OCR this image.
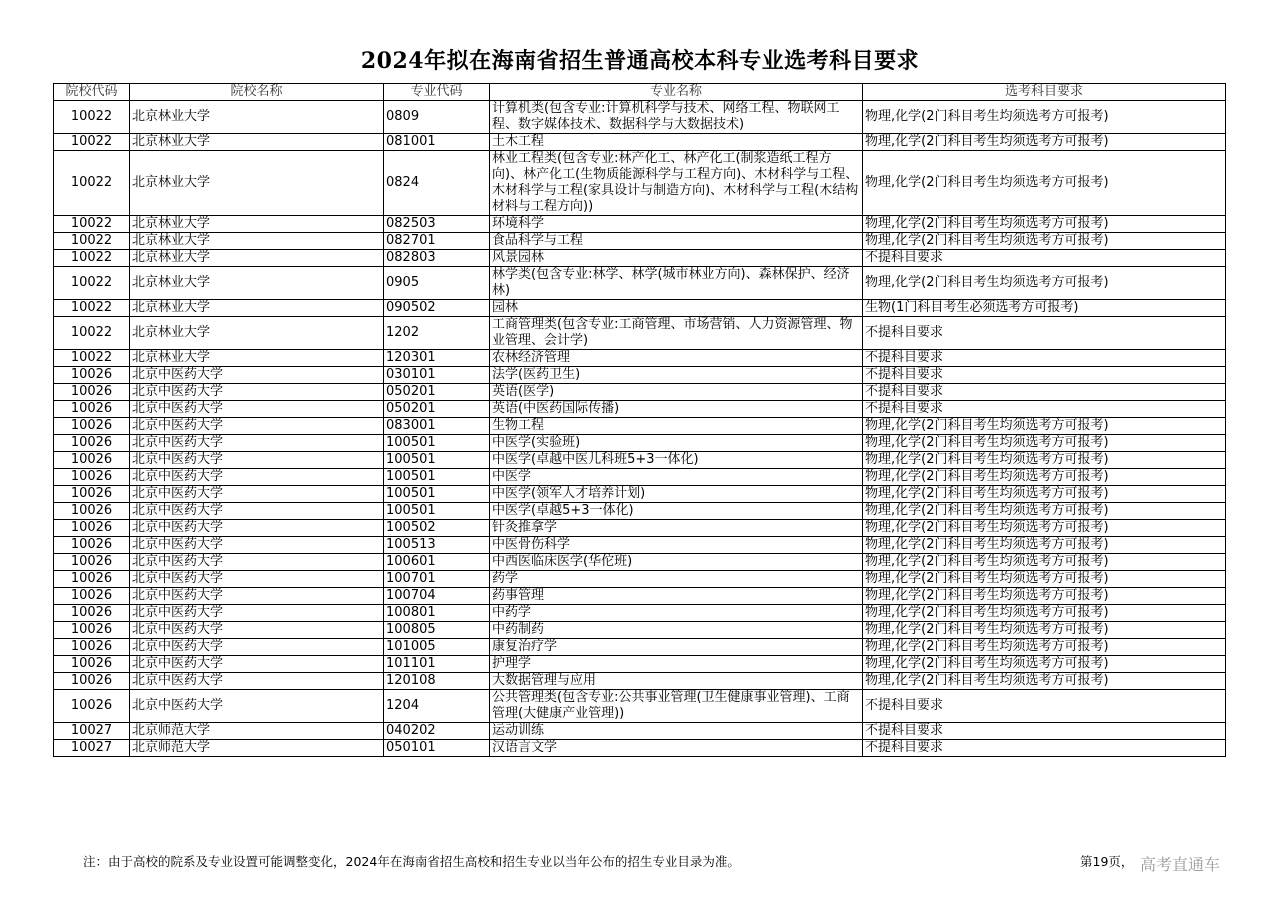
2024年拟在海南省招生普通高校本科专业选考科目要求
院校代码	院校名称	专业代码	专业名称	选考科目要求
10022	北京林业大学	0809	计算机类(包含专业:计算机科学与技术、网络工程、物联网工程、数字媒体技术、数据科学与大数据技术)	物理,化学(2门科目考生均须选考方可报考)
10022	北京林业大学	081001	土木工程	物理,化学(2门科目考生均须选考方可报考)
10022	北京林业大学	0824	林业工程类(包含专业:林产化工、林产化工(制浆造纸工程方向)、林产化工(生物质能源科学与工程方向)、木材科学与工程、木材科学与工程(家具设计与制造方向)、木材科学与工程(木结构材料与工程方向))	物理,化学(2门科目考生均须选考方可报考)
10022	北京林业大学	082503	环境科学	物理,化学(2门科目考生均须选考方可报考)
10022	北京林业大学	082701	食品科学与工程	物理,化学(2门科目考生均须选考方可报考)
10022	北京林业大学	082803	风景园林	不提科目要求
10022	北京林业大学	0905	林学类(包含专业:林学、林学(城市林业方向)、森林保护、经济林)	物理,化学(2门科目考生均须选考方可报考)
10022	北京林业大学	090502	园林	生物(1门科目考生必须选考方可报考)
10022	北京林业大学	1202	工商管理类(包含专业:工商管理、市场营销、人力资源管理、物业管理、会计学)	不提科目要求
10022	北京林业大学	120301	农林经济管理	不提科目要求
10026	北京中医药大学	030101	法学(医药卫生)	不提科目要求
10026	北京中医药大学	050201	英语(医学)	不提科目要求
10026	北京中医药大学	050201	英语(中医药国际传播)	不提科目要求
10026	北京中医药大学	083001	生物工程	物理,化学(2门科目考生均须选考方可报考)
10026	北京中医药大学	100501	中医学(实验班)	物理,化学(2门科目考生均须选考方可报考)
10026	北京中医药大学	100501	中医学(卓越中医儿科班5+3一体化)	物理,化学(2门科目考生均须选考方可报考)
10026	北京中医药大学	100501	中医学	物理,化学(2门科目考生均须选考方可报考)
10026	北京中医药大学	100501	中医学(领军人才培养计划)	物理,化学(2门科目考生均须选考方可报考)
10026	北京中医药大学	100501	中医学(卓越5+3一体化)	物理,化学(2门科目考生均须选考方可报考)
10026	北京中医药大学	100502	针灸推拿学	物理,化学(2门科目考生均须选考方可报考)
10026	北京中医药大学	100513	中医骨伤科学	物理,化学(2门科目考生均须选考方可报考)
10026	北京中医药大学	100601	中西医临床医学(华佗班)	物理,化学(2门科目考生均须选考方可报考)
10026	北京中医药大学	100701	药学	物理,化学(2门科目考生均须选考方可报考)
10026	北京中医药大学	100704	药事管理	物理,化学(2门科目考生均须选考方可报考)
10026	北京中医药大学	100801	中药学	物理,化学(2门科目考生均须选考方可报考)
10026	北京中医药大学	100805	中药制药	物理,化学(2门科目考生均须选考方可报考)
10026	北京中医药大学	101005	康复治疗学	物理,化学(2门科目考生均须选考方可报考)
10026	北京中医药大学	101101	护理学	物理,化学(2门科目考生均须选考方可报考)
10026	北京中医药大学	120108	大数据管理与应用	物理,化学(2门科目考生均须选考方可报考)
10026	北京中医药大学	1204	公共管理类(包含专业:公共事业管理(卫生健康事业管理)、工商管理(大健康产业管理))	不提科目要求
10027	北京师范大学	040202	运动训练	不提科目要求
10027	北京师范大学	050101	汉语言文学	不提科目要求
注：由于高校的院系及专业设置可能调整变化，2024年在海南省招生高校和招生专业以当年公布的招生专业目录为准。	第19页， 高考直通车
